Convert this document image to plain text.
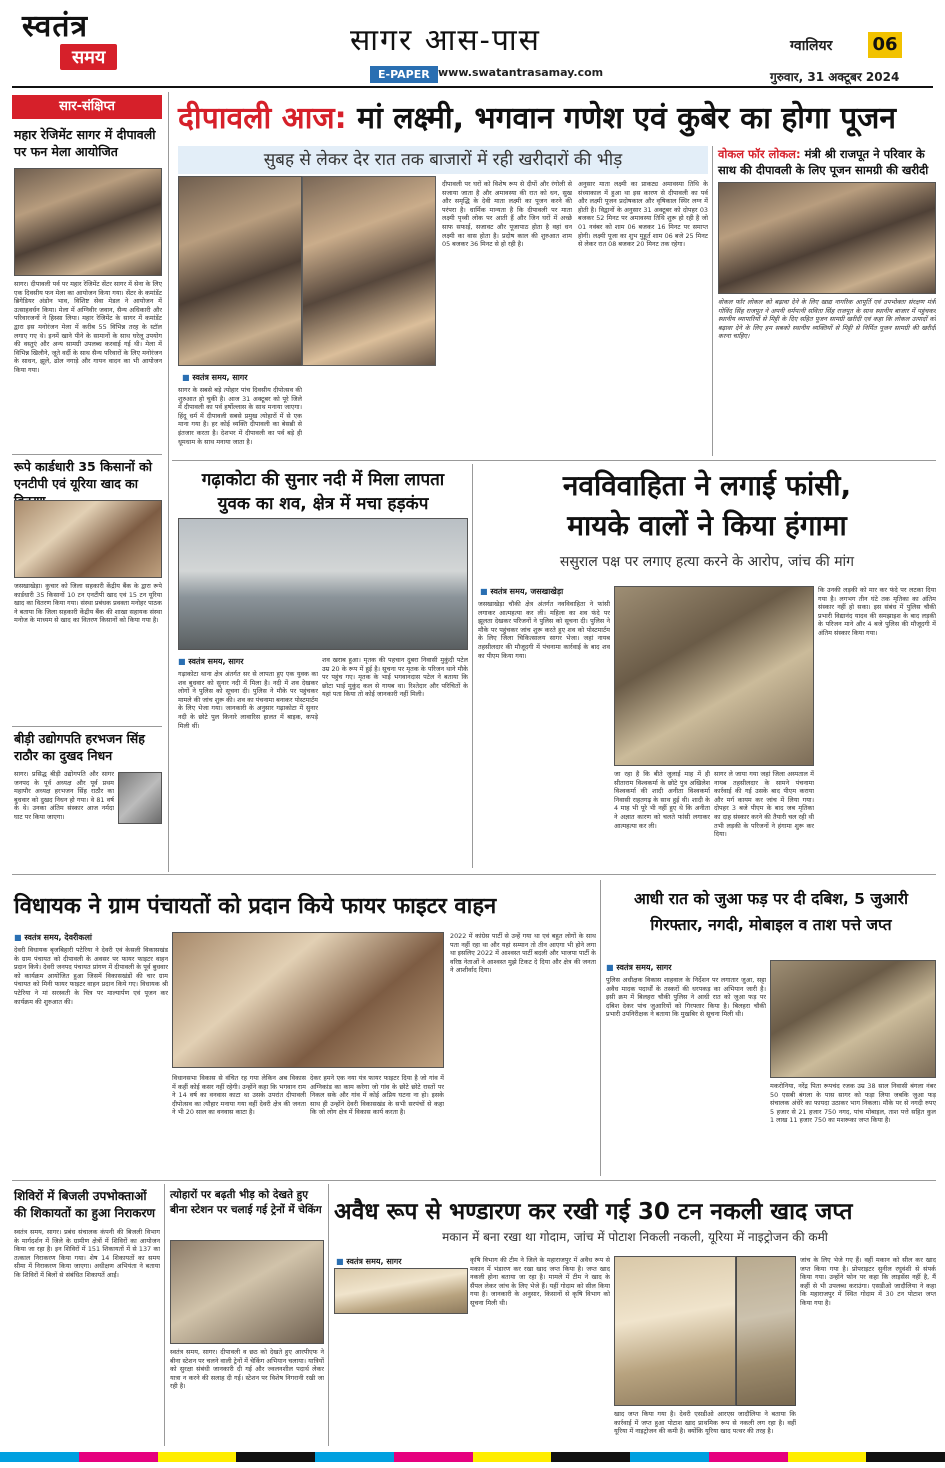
स्वतंत्र
समय	सागर आस-पास
E-PAPER www.swatantrasamay.com
ग्वालियर 06
गुरुवार, 31 अक्टूबर 2024
सार-संक्षिप्त
महार रेजिमेंट सागर में दीपावली पर फन मेला आयोजित
सागर। दीपावली पर्व पर महार रेजिमेंट सेंटर सागर में सेना के लिए एक दिवसीय फन मेला का आयोजन किया गया। सेंटर के कमांडेंट ब्रिगेडियर अंडोन भाव, विशिष्ट सेवा मेडल ने आयोजन में उत्साहवर्धन किया। मेला में अग्निवीर जवान, सैन्य अधिकारी और परिवारजनों ने हिस्सा लिया। महार रेजिमेंट के सागर में कमांडेंट द्वारा इस मनोरंजन मेला में करीब 55 विभिन्न तरह के स्टॉल लगाए गए थे। इनमें खाने पीने के सामानों के साथ घरेलू उपयोग की वस्तुएं और अन्य सामग्री उपलब्ध करवाई गई थी। मेला में विभिन्न खिलौने, जूते वर्दी के साथ सैन्य परिवारों के लिए मनोरंजन के साधन, झूले, ढोल नगाड़े और गायन वादन का भी आयोजन किया गया।
रूपे कार्डधारी 35 किसानों को एनटीपी एवं यूरिया खाद का
जसखाखेड़ा। कुचार को जिला सहकारी केंद्रीय बैंक के द्वारा रूपे कार्डधारी 35 किसानों 10 टन एनटीपी खाद एवं 15 टन यूरिया खाद का वितरण किया गया। संस्था प्रबंधक प्रवक्ता मनोहर पाठक ने बताया कि जिला सहकारी केंद्रीय बैंक की शाखा सहायक संस्था मनोज के माध्यम से खाद का वितरण किसानों को किया गया है।
बीड़ी उद्योगपति हरभजन सिंह राठौर का दुखद निधन
सागर। प्रसिद्ध बीड़ी उद्योगपति और सागर जनपद के पूर्व अध्यक्ष और पूर्व प्रथम महापौर अध्यक्ष हरभजन सिंह राठौर का बुधवार को दुखद निधन हो गया। वे 81 वर्ष के थे। उनका अंतिम संस्कार आज नर्मदा घाट पर किया जाएगा।
दीपावली आज: मां लक्ष्मी, भगवान गणेश एवं कुबेर का होगा पूजन
सुबह से लेकर देर रात तक बाजारों में रही खरीदारों की भीड़
■ स्वतंत्र समय, सागर
सागर के सबसे बड़े त्योहार पांच दिवसीय दीपोत्सव की शुरुआत हो चुकी है। आज 31 अक्टूबर को पूरे जिले में दीपावली का पर्व हर्षोल्लास के साथ मनाया जाएगा। हिंदू धर्म में दीपावली सबसे प्रमुख त्योहारों में से एक माना गया है। हर कोई व्यक्ति दीपावली का बेसब्री से इंतजार करता है। देशभर में दीपावली का पर्व बड़े ही धूमधाम के साथ मनाया जाता है।
दीपावली पर घरों को विशेष रूप से दीपों और रंगोली से सजाया जाता है और अमावस्या की रात को धन, सुख और समृद्धि के देवी माता लक्ष्मी का पूजन करने की परंपरा है। धार्मिक मान्यता है कि दीपावली पर माता लक्ष्मी पृथ्वी लोक पर आती हैं और जिन घरों में अच्छे साफ सफाई, सजावट और पूजापाठ होता है वहां धन लक्ष्मी का वास होता है। प्रदोष काल की शुरुआत शाम 05 बजकर 36 मिनट से हो रही है।
अनुसार माता लक्ष्मी का प्राकट्य अमावस्या तिथि के संध्याकाल में हुआ था इस कारण से दीपावली का पर्व और लक्ष्मी पूजन प्रदोषकाल और वृषिकाल स्थिर लग्न में होती है। विद्वानों के अनुसार 31 अक्टूबर को दोपहर 03 बजकर 52 मिनट पर अमावस्या तिथि शुरू हो रही है जो 01 नवंबर को शाम 06 बजकर 16 मिनट पर समाप्त होगी। लक्ष्मी पूजा का शुभ मुहूर्त शाम 06 बजे 25 मिनट से लेकर रात 08 बजकर 20 मिनट तक रहेगा।
वोकल फॉर लोकल: मंत्री श्री राजपूत ने परिवार के साथ की दीपावली के लिए पूजन सामग्री की खरीदी
वोकल फॉर लोकल को बढ़ावा देने के लिए खाद्य नागरिक आपूर्ति एवं उपभोक्ता संरक्षण मंत्री गोविंद सिंह राजपूत ने अपनी धर्मपत्नी सविता सिंह राजपूत के साथ स्थानीय बाजार में पहुंचकर स्थानीय व्यापारियों से मिट्टी के दिए सहित पूजन सामग्री खरीदी एवं कहा कि लोकल उत्पादों को बढ़ावा देने के लिए हम सबको स्थानीय व्यक्तियों से मिट्टी से निर्मित पूजन सामग्री की खरीदी करना चाहिए।
गढ़ाकोटा की सुनार नदी में मिला लापता
युवक का शव, क्षेत्र में मचा हड़कंप
■ स्वतंत्र समय, सागर
गढ़ाकोटा थाना क्षेत्र अंतर्गत सर से लापता हुए एक युवक का शव बुधवार को सुनार नदी में मिला है। नदी में शव देखकर लोगों ने पुलिस को सूचना दी। पुलिस ने मौके पर पहुंचकर मामले की जांच शुरू की। शव का पंचनामा बनाकर पोस्टमार्टम के लिए भेजा गया। जानकारी के अनुसार गढ़ाकोटा में सुनार नदी के छोटे पुल किनारे लावारिस हालत में बाइक, कपड़े मिली थीं।
शव खराब हुआ। मृतक की पहचान दुबरा निवासी मुकुंदी पटेल उम्र 20 के रूप में हुई है। सूचना पर मृतक के परिजन थाने मौके पर पहुंच गए। मृतक के भाई भगवानदास पटेल ने बताया कि छोटा भाई मुकुंद कल से गायब था। रिश्तेदार और परिचितों के यहां पता किया तो कोई जानकारी नहीं मिली।
नवविवाहिता ने लगाई फांसी,
मायके वालों ने किया हंगामा
ससुराल पक्ष पर लगाए हत्या करने के आरोप, जांच की मांग
■ स्वतंत्र समय, जसखाखेड़ा
जसखाखेड़ा चौकी क्षेत्र अंतर्गत नवविवाहिता ने फांसी लगाकर आत्महत्या कर ली। महिला का शव फंदे पर झूलता देखकर परिजनों ने पुलिस को सूचना दी। पुलिस ने मौके पर पहुंचकर जांच शुरू करते हुए शव को पोस्टमार्टम के लिए जिला चिकित्सालय सागर भेजा। जहां नायब तहसीलदार की मौजूदगी में पंचनामा कार्रवाई के बाद शव का पीएम किया गया।
जा रहा है कि बीते जुलाई माह में ही सीताराम विश्वकर्मा के छोटे पुत्र अखिलेश विश्वकर्मा की शादी अनीता विश्वकर्मा निवासी राहतगढ़ के साथ हुई थी। शादी के 4 माह भी पूरे भी नहीं हुए थे कि अनीता ने अज्ञात कारण को चलते फांसी लगाकर आत्महत्या कर ली।
सागर ले जाया गया जहां जिला अस्पताल में नायब तहसीलदार के सामने पंचनामा कार्रवाई की गई उसके बाद पीएम कराया और मर्ग कायम कर जांच में लिया गया। दोपहर 3 बजे पीएम के बाद जब मृतिका का दाह संस्कार करने की तैयारी चल रही थी तभी लड़की के परिजनों ने हंगामा शुरू कर दिया।
कि उनकी लड़की को मार कर फंदे पर लटका दिया गया है। लगभग तीन घंटे तक मृतिका का अंतिम संस्कार नहीं हो सका। इस संबंध में पुलिस चौकी प्रभारी विद्यानंद यादव की समझाइश के बाद लड़की के परिजन माने और 4 बजे पुलिस की मौजूदगी में अंतिम संस्कार किया गया।
विधायक ने ग्राम पंचायतों को प्रदान किये फायर फाइटर वाहन
■ स्वतंत्र समय, देवरीकलां
देवरी विधायक बृजबिहारी पटेरिया ने देवरी एवं केसली विकासखंड के ग्राम पंचायत को दीपावली के अवसर पर फायर फाइटर वाहन प्रदान किये। देवरी जनपद पंचायत प्रांगण में दीपावली के पूर्व बुधवार को कार्यक्रम आयोजित हुआ जिसमें विकासखंडों की चार ग्राम पंचायत को मिनी फायर फाइटर वाहन प्रदान किये गए। विधायक श्री पटेरिया ने मां सरस्वती के चित्र पर माल्यार्पण एवं पूजन कर कार्यक्रम की शुरुआत की।
विधानसभा विकास से वंचित रह गया लेकिन अब विकास में कहीं कोई कसर नहीं रहेगी। उन्होंने कहा कि भगवान राम ने 14 वर्ष का वनवास काटा था उसके उपरांत दीपावली दीपोत्सव का त्यौहार मनाया गया वहीं देवरी क्षेत्र की जनता ने भी 20 साल का वनवास काटा है।
देकर हमने एक नया यंत्र फायर फाइटर दिया है जो गांव में अग्निकांड का काम करेगा जो गांव के छोटे छोटे रास्तों पर निकल सके और गांव में कोई अप्रिय घटना ना हो। इसके साथ ही उन्होंने देवरी विकासखंड के सभी सरपंचों से कहा कि जो लोग क्षेत्र में विकास कार्य करता है।
2022 में कांग्रेस पार्टी से उन्हें गया था एवं बहुत लोगों के साथ पता नहीं रहा था और यहां सम्मान तो तीन आएगा भी होने लगा था इसलिए 2022 में आश्वस्त पार्टी बदली और भाजपा पार्टी के वरिष्ठ नेताओं ने आश्वस्त मुझे टिकट दे दिया और क्षेत्र की जनता ने आशीर्वाद दिया।
आधी रात को जुआ फड़ पर दी दबिश, 5 जुआरी
गिरफ्तार, नगदी, मोबाइल व ताश पत्ते जप्त
■ स्वतंत्र समय, सागर
पुलिस अधीक्षक विकास शाहवाल के निर्देशन पर लगातार जुआ, सट्टा अवैध मादक पदार्थों के तस्करों की धरपकड़ का अभियान जारी है। इसी क्रम में बिलहरा चौकी पुलिस ने आधी रात को जुआ फड़ पर दबिश देकर पांच जुआरियों को गिरफ्तार किया है। बिलहरा चौकी प्रभारी उपनिरीक्षक ने बताया कि मुखबिर से सूचना मिली थी।
मकरोनिया, नरेंद्र पिता रूपचंद रजक उम्र 38 साल निवासी बंगला नंबर 50 एसबी बंगला के पास सागर को फड़ा लिया जबकि जुआ फड़ संचालक अंधेरे का फायदा उठाकर भाग निकला। मौके पर से नगदी रुपए 5 हजार से 21 हजार 750 नगद, पांच मोबाइल, ताश पत्ते सहित कुल 1 लाख 11 हजार 750 का मशरूका जप्त किया है।
शिविरों में बिजली उपभोक्ताओं की शिकायतों का हुआ निराकरण
स्वतंत्र समय, सागर। प्रबंध संचालक कंपनी की बिजली विभाग के मार्गदर्शन में जिले के ग्रामीण क्षेत्रों में शिविरों का आयोजन किया जा रहा है। इन शिविरों में 151 शिकायतों में से 137 का तत्काल निराकरण किया गया। शेष 14 शिकायतों का समय सीमा में निराकरण किया जाएगा। अधीक्षण अभियंता ने बताया कि शिविरों में बिलों से संबंधित शिकायतें आईं।
त्योहारों पर बढ़ती भीड़ को देखते हुए बीना स्टेशन पर चलाई गई ट्रेनों में चेकिंग
स्वतंत्र समय, सागर। दीपावली व छठ को देखते हुए आरपीएफ ने बीना स्टेशन पर चलने वाली ट्रेनों में चेकिंग अभियान चलाया। यात्रियों को सुरक्षा संबंधी जानकारी दी गई और ज्वलनशील पदार्थ लेकर यात्रा न करने की सलाह दी गई। स्टेशन पर विशेष निगरानी रखी जा रही है।
अवैध रूप से भण्डारण कर रखी गई 30 टन नकली खाद जप्त
मकान में बना रखा था गोदाम, जांच में पोटाश निकली नकली, यूरिया में नाइट्रोजन की कमी
■ स्वतंत्र समय, सागर	कृषि विभाग की टीम ने जिले के महाराजपुर में अवैध रूप से मकान में भंडारण कर रखा खाद जप्त किया है। जप्त खाद नकली होना बताया जा रहा है। मामले में टीम ने खाद के सैंपल लेकर जांच के लिए भेजे हैं। यहीं गोदाम को सील किया गया है। जानकारी के अनुसार, किसानों से कृषि विभाग को सूचना मिली थी।
खाद जप्त किया गया है। देवरी एसडीओ आरएस जादौलिया ने बताया कि कार्रवाई में जप्त हुआ पोटाश खाद प्राथमिक रूप से नकली लग रहा है। वहीं यूरिया में नाइट्रोजन की कमी है। क्योंकि यूरिया खाद पत्थर की तरह है।
जांच के लिए भेजे गए हैं। वहीं मकान को सील कर खाद जप्त किया गया है। प्रोपराइटर सुनील रघुवंशी से संपर्क किया गया। उन्होंने फोन पर कहा कि लाइसेंस नहीं है, मैं कहीं से भी उपलब्ध कराउंगा। एसडीओ जादौलिया ने कहा कि महाराजपुर में स्थित गोदाम में 30 टन पोटाश जप्त किया गया है।
